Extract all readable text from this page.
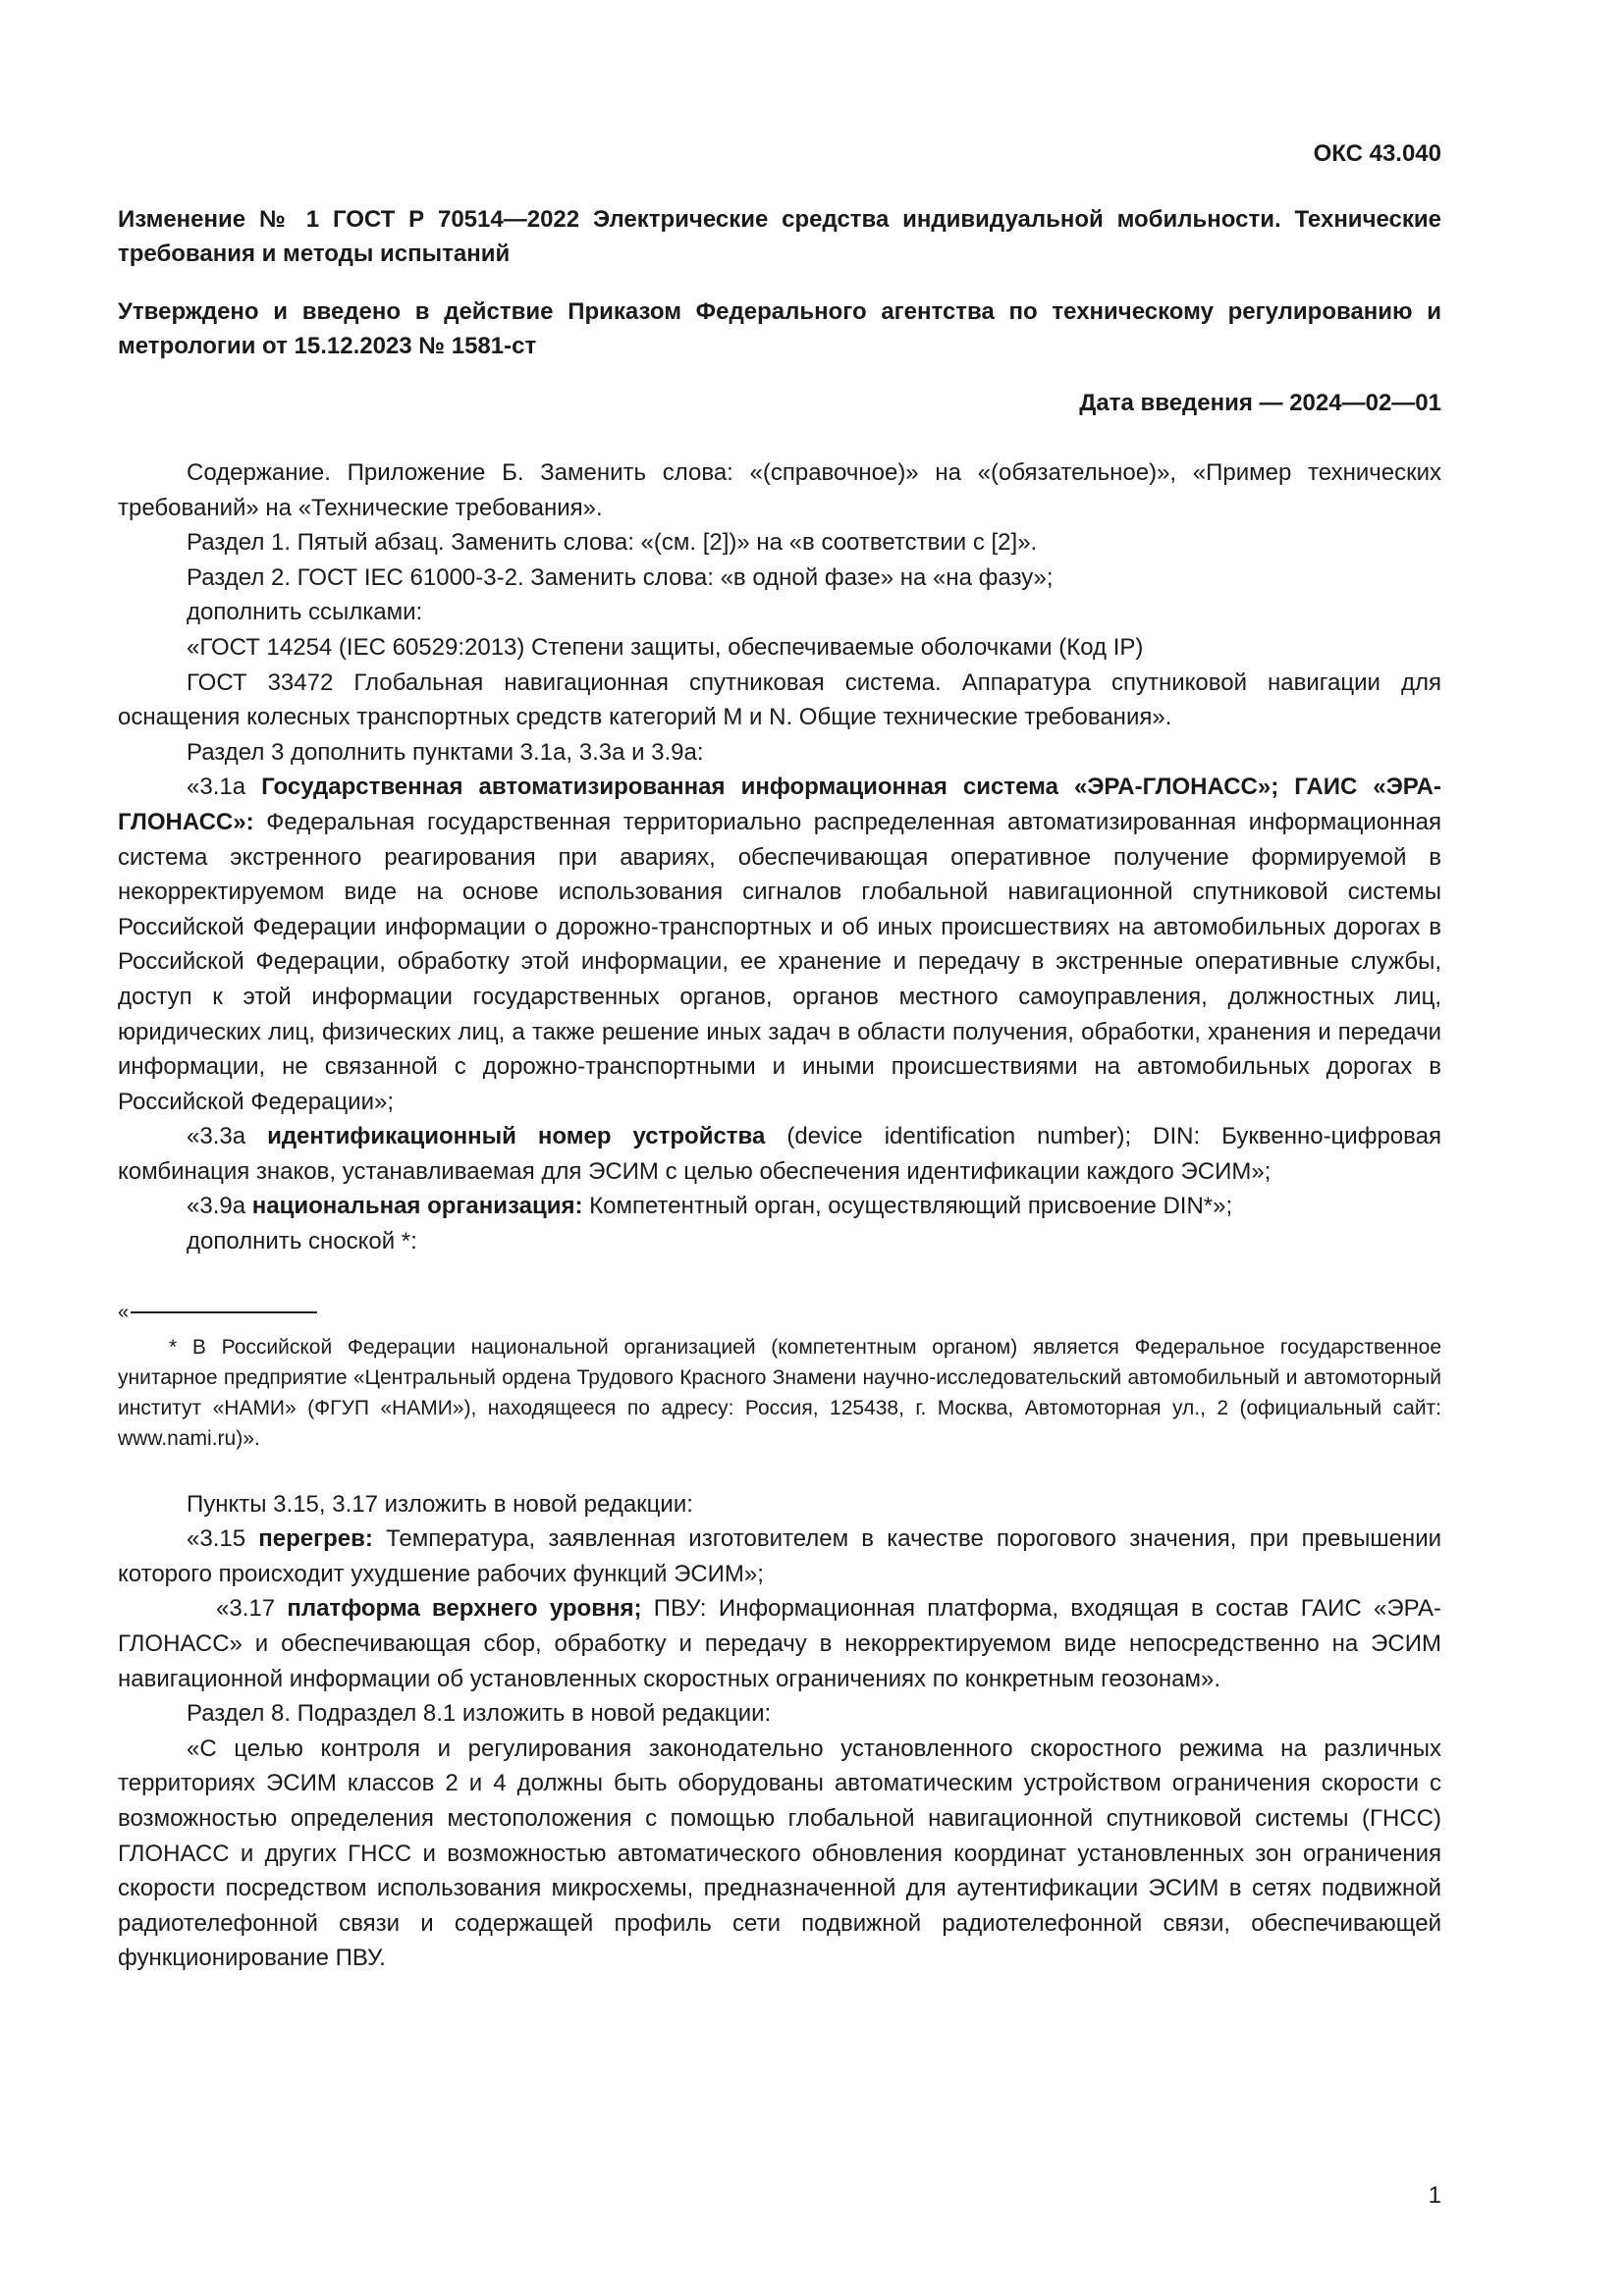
ОКС 43.040
Изменение № 1 ГОСТ Р 70514—2022 Электрические средства индивидуальной мобильности. Технические требования и методы испытаний
Утверждено и введено в действие Приказом Федерального агентства по техническому регулированию и метрологии от 15.12.2023 № 1581-ст
Дата введения — 2024—02—01

Содержание. Приложение Б. Заменить слова: «(справочное)» на «(обязательное)», «Пример технических требований» на «Технические требования».

Раздел 1. Пятый абзац. Заменить слова: «(см. [2])» на «в соответствии с [2]».

Раздел 2. ГОСТ IEC 61000-3-2. Заменить слова: «в одной фазе» на «на фазу»;

дополнить ссылками:

«ГОСТ 14254 (IEC 60529:2013) Степени защиты, обеспечиваемые оболочками (Код IP)

ГОСТ 33472 Глобальная навигационная спутниковая система. Аппаратура спутниковой навигации для оснащения колесных транспортных средств категорий M и N. Общие технические требования».

Раздел 3 дополнить пунктами 3.1а, 3.3а и 3.9а:

«3.1а Государственная автоматизированная информационная система «ЭРА-ГЛОНАСС»; ГАИС «ЭРА-ГЛОНАСС»: Федеральная государственная территориально распределенная автоматизированная информационная система экстренного реагирования при авариях, обеспечивающая оперативное получение формируемой в некорректируемом виде на основе использования сигналов глобальной навигационной спутниковой системы Российской Федерации информации о дорожно-транспортных и об иных происшествиях на автомобильных дорогах в Российской Федерации, обработку этой информации, ее хранение и передачу в экстренные оперативные службы, доступ к этой информации государственных органов, органов местного самоуправления, должностных лиц, юридических лиц, физических лиц, а также решение иных задач в области получения, обработки, хранения и передачи информации, не связанной с дорожно-транспортными и иными происшествиями на автомобильных дорогах в Российской Федерации»;

«3.3а идентификационный номер устройства (device identification number); DIN: Буквенно-цифровая комбинация знаков, устанавливаемая для ЭСИМ с целью обеспечения идентификации каждого ЭСИМ»;

«3.9а национальная организация: Компетентный орган, осуществляющий присвоение DIN*»;

дополнить сноской *:

«

* В Российской Федерации национальной организацией (компетентным органом) является Федеральное государственное унитарное предприятие «Центральный ордена Трудового Красного Знамени научно-исследовательский автомобильный и автомоторный институт «НАМИ» (ФГУП «НАМИ»), находящееся по адресу: Россия, 125438, г. Москва, Автомоторная ул., 2 (официальный сайт: www.nami.ru)».

Пункты 3.15, 3.17 изложить в новой редакции:

«3.15 перегрев: Температура, заявленная изготовителем в качестве порогового значения, при превышении которого происходит ухудшение рабочих функций ЭСИМ»;

«3.17 платформа верхнего уровня; ПВУ: Информационная платформа, входящая в состав ГАИС «ЭРА-ГЛОНАСС» и обеспечивающая сбор, обработку и передачу в некорректируемом виде непосредственно на ЭСИМ навигационной информации об установленных скоростных ограничениях по конкретным геозонам».

Раздел 8. Подраздел 8.1 изложить в новой редакции:

«С целью контроля и регулирования законодательно установленного скоростного режима на различных территориях ЭСИМ классов 2 и 4 должны быть оборудованы автоматическим устройством ограничения скорости с возможностью определения местоположения с помощью глобальной навигационной спутниковой системы (ГНСС) ГЛОНАСС и других ГНСС и возможностью автоматического обновления координат установленных зон ограничения скорости посредством использования микросхемы, предназначенной для аутентификации ЭСИМ в сетях подвижной радиотелефонной связи и содержащей профиль сети подвижной радиотелефонной связи, обеспечивающей функционирование ПВУ.

1
